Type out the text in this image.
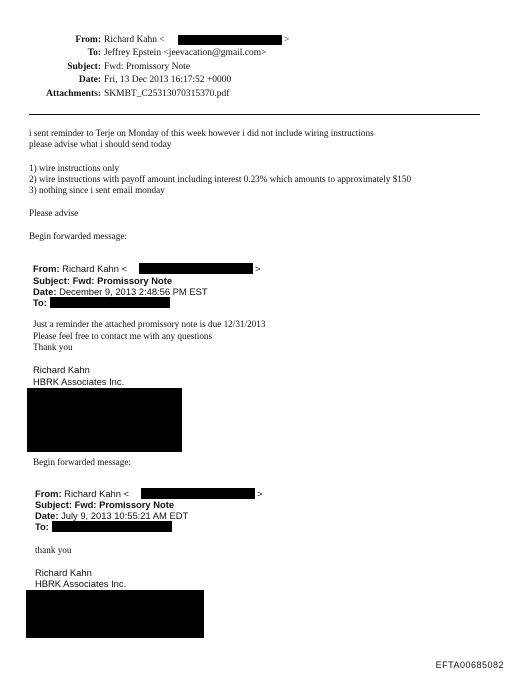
From: Richard Kahn <	>
To: Jeffrey Epstein <jeevacation@gmail.com>
Subject: Fwd: Promissory Note
Date: Fri, 13 Dec 2013 16:17:52 +0000
Attachments: SKMBT_C25313070315370.pdf
i sent reminder to Terje on Monday of this week however i did not include wiring instructions
please advise what i should send today
1) wire instructions only
2) wire instructions with payoff amount including interest 0.23% which amounts to approximately $150
3) nothing since i sent email monday
Please advise
Begin forwarded message:
From: Richard Kahn <	>
Subject: Fwd: Promissory Note
Date: December 9, 2013 2:48:56 PM EST
To:
Just a reminder the attached promissory note is due 12/31/2013
Please feel free to contact me with any questions
Thank you
Richard Kahn
HBRK Associates Inc.
Begin forwarded message:
From: Richard Kahn <	>
Subject: Fwd: Promissory Note
Date: July 9, 2013 10:55:21 AM EDT
To:
thank you
Richard Kahn
HBRK Associates Inc.
EFTA00685082
